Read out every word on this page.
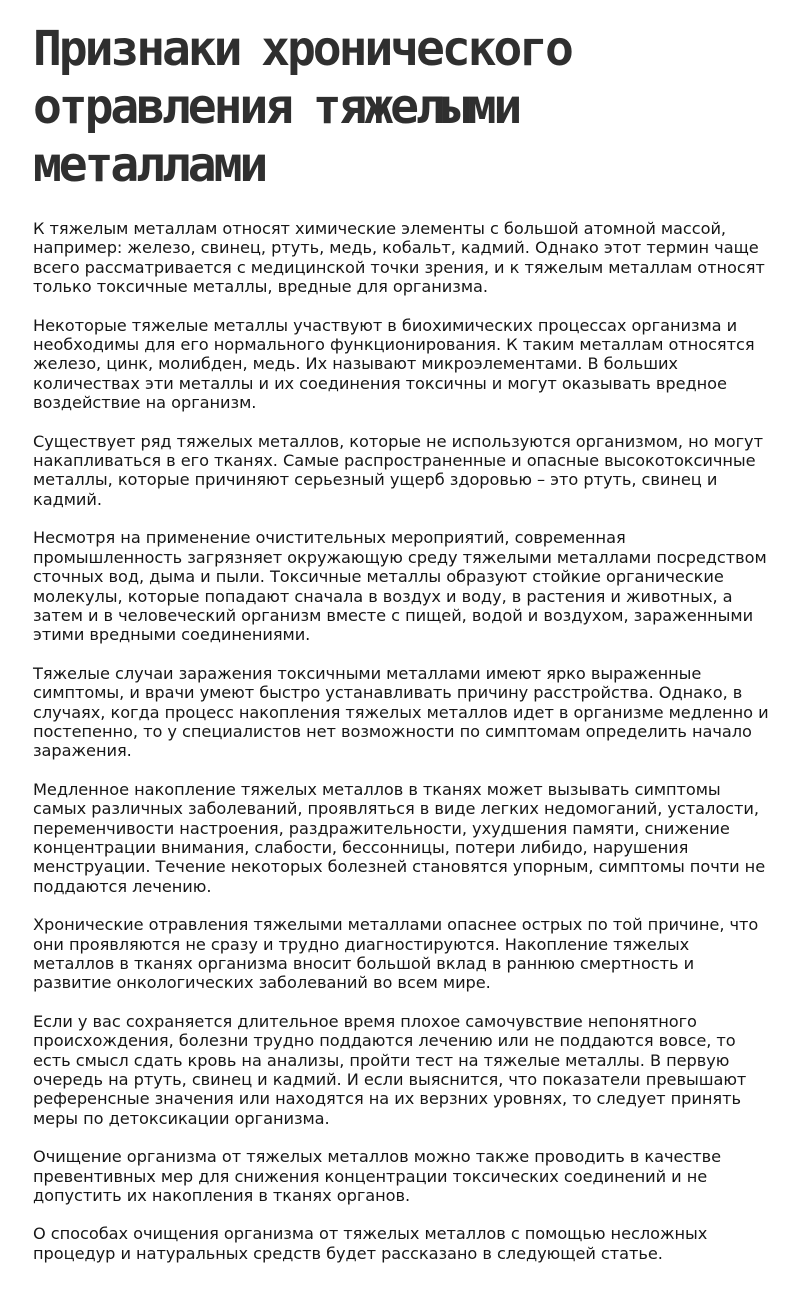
Признаки хронического отравления тяжелыми металлами

К тяжелым металлам относят химические элементы с большой атомной массой, например: железо, свинец, ртуть, медь, кобальт, кадмий. Однако этот термин чаще всего рассматривается с медицинской точки зрения, и к тяжелым металлам относят только токсичные металлы, вредные для организма.

Некоторые тяжелые металлы участвуют в биохимических процессах организма и необходимы для его нормального функционирования. К таким металлам относятся железо, цинк, молибден, медь. Их называют микроэлементами. В больших количествах эти металлы и их соединения токсичны и могут оказывать вредное воздействие на организм.

Существует ряд тяжелых металлов, которые не используются организмом, но могут накапливаться в его тканях. Самые распространенные и опасные высокотоксичные металлы, которые причиняют серьезный ущерб здоровью – это ртуть, свинец и кадмий.

Несмотря на применение очистительных мероприятий, современная промышленность загрязняет окружающую среду тяжелыми металлами посредством сточных вод, дыма и пыли. Токсичные металлы образуют стойкие органические молекулы, которые попадают сначала в воздух и воду, в растения и животных, а затем и в человеческий организм вместе с пищей, водой и воздухом, зараженными этими вредными соединениями.

Тяжелые случаи заражения токсичными металлами имеют ярко выраженные симптомы, и врачи умеют быстро устанавливать причину расстройства. Однако, в случаях, когда процесс накопления тяжелых металлов идет в организме медленно и постепенно, то у специалистов нет возможности по симптомам определить начало заражения.

Медленное накопление тяжелых металлов в тканях может вызывать симптомы самых различных заболеваний, проявляться в виде легких недомоганий, усталости, переменчивости настроения, раздражительности, ухудшения памяти, снижение концентрации внимания, слабости, бессонницы, потери либидо, нарушения менструации. Течение некоторых болезней становятся упорным, симптомы почти не поддаются лечению.

Хронические отравления тяжелыми металлами опаснее острых по той причине, что они проявляются не сразу и трудно диагностируются. Накопление тяжелых металлов в тканях организма вносит большой вклад в раннюю смертность и развитие онкологических заболеваний во всем мире.

Если у вас сохраняется длительное время плохое самочувствие непонятного происхождения, болезни трудно поддаются лечению или не поддаются вовсе, то есть смысл сдать кровь на анализы, пройти тест на тяжелые металлы. В первую очередь на ртуть, свинец и кадмий. И если выяснится, что показатели превышают референсные значения или находятся на их верзних уровнях, то следует принять меры по детоксикации организма.

Очищение организма от тяжелых металлов можно также проводить в качестве превентивных мер для снижения концентрации токсических соединений и не допустить их накопления в тканях органов.

О способах очищения организма от тяжелых металлов с помощью несложных процедур и натуральных средств будет рассказано в следующей статье.
